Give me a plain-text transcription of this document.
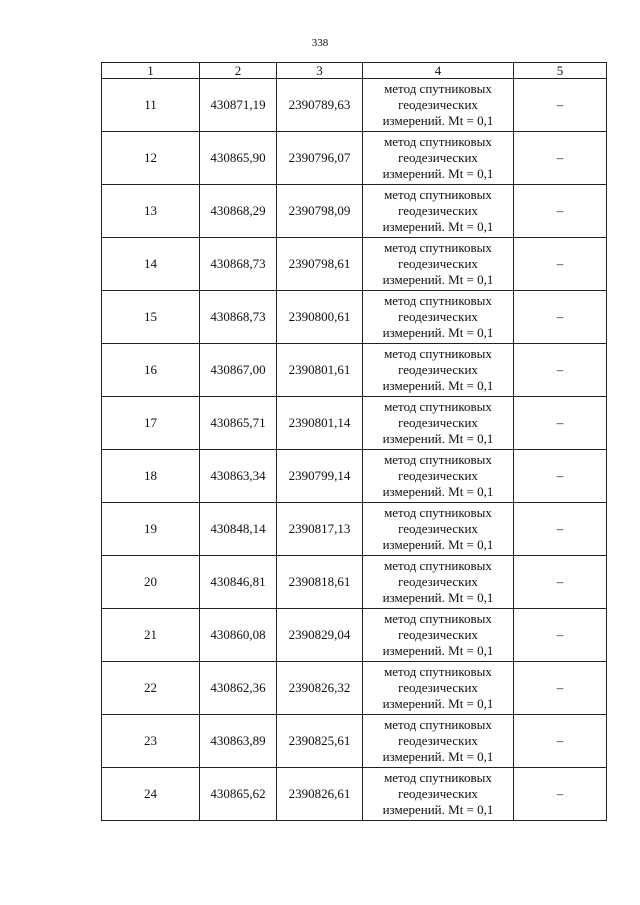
338
1	2	3	4	5
11	430871,19	2390789,63	метод спутниковых
геодезических
измерений. Mt = 0,1	–
12	430865,90	2390796,07	метод спутниковых
геодезических
измерений. Mt = 0,1	–
13	430868,29	2390798,09	метод спутниковых
геодезических
измерений. Mt = 0,1	–
14	430868,73	2390798,61	метод спутниковых
геодезических
измерений. Mt = 0,1	–
15	430868,73	2390800,61	метод спутниковых
геодезических
измерений. Mt = 0,1	–
16	430867,00	2390801,61	метод спутниковых
геодезических
измерений. Mt = 0,1	–
17	430865,71	2390801,14	метод спутниковых
геодезических
измерений. Mt = 0,1	–
18	430863,34	2390799,14	метод спутниковых
геодезических
измерений. Mt = 0,1	–
19	430848,14	2390817,13	метод спутниковых
геодезических
измерений. Mt = 0,1	–
20	430846,81	2390818,61	метод спутниковых
геодезических
измерений. Mt = 0,1	–
21	430860,08	2390829,04	метод спутниковых
геодезических
измерений. Mt = 0,1	–
22	430862,36	2390826,32	метод спутниковых
геодезических
измерений. Mt = 0,1	–
23	430863,89	2390825,61	метод спутниковых
геодезических
измерений. Mt = 0,1	–
24	430865,62	2390826,61	метод спутниковых
геодезических
измерений. Mt = 0,1	–
